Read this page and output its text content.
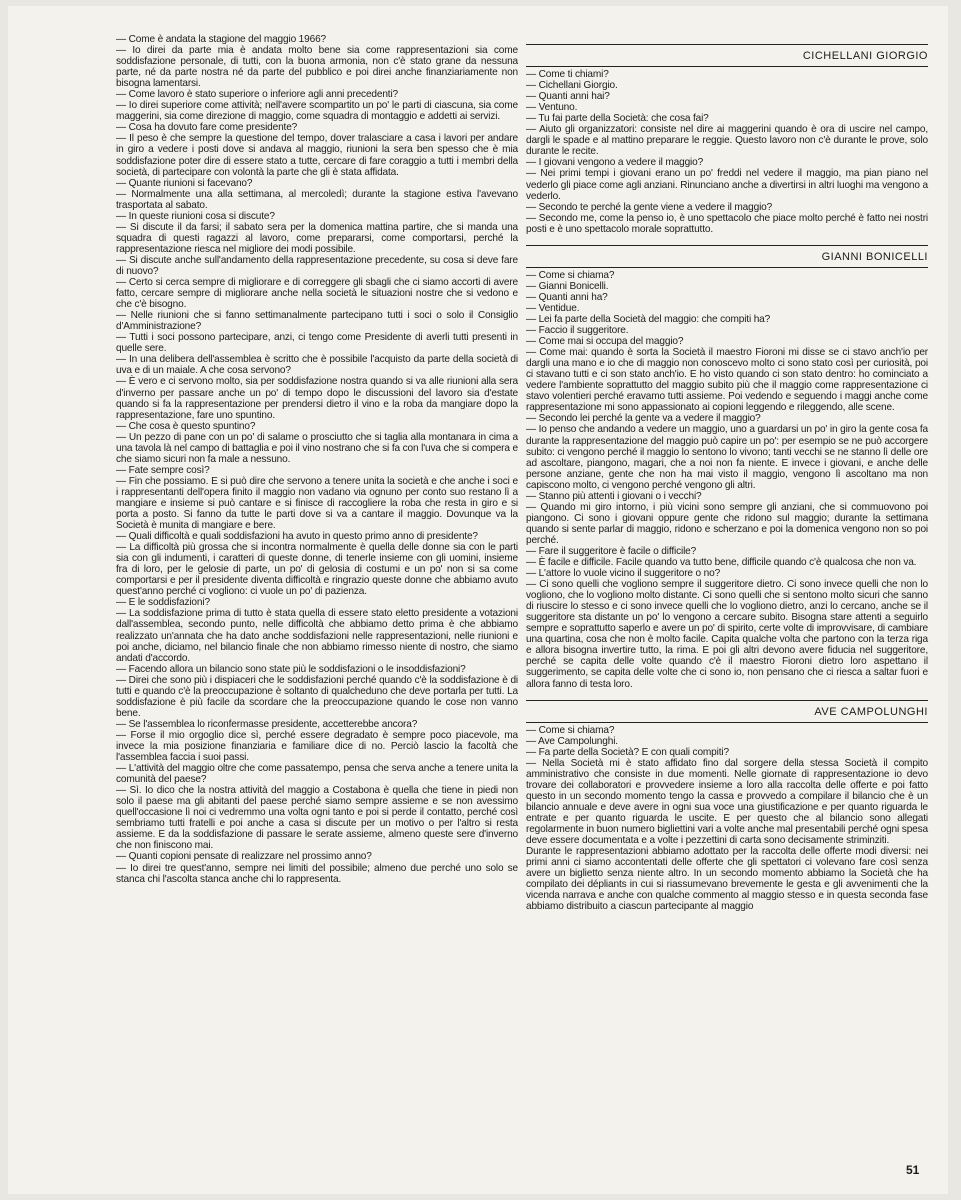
— Come è andata la stagione del maggio 1966?

— Io direi da parte mia è andata molto bene sia come rappresentazioni sia come soddisfazione personale, di tutti, con la buona armonia, non c'è stato grane da nessuna parte, né da parte nostra né da parte del pubblico e poi direi anche finanziariamente non bisogna lamentarsi.

— Come lavoro è stato superiore o inferiore agli anni precedenti?

— Io direi superiore come attività; nell'avere scompartito un po' le parti di ciascuna, sia come maggerini, sia come direzione di maggio, come squadra di montaggio e addetti ai servizi.

— Cosa ha dovuto fare come presidente?

— Il peso è che sempre la questione del tempo, dover tralasciare a casa i lavori per andare in giro a vedere i posti dove si andava al maggio, riunioni la sera ben spesso che è mia soddisfazione poter dire di essere stato a tutte, cercare di fare coraggio a tutti i membri della società, di partecipare con volontà la parte che gli è stata affidata.

— Quante riunioni si facevano?

— Normalmente una alla settimana, al mercoledì; durante la stagione estiva l'avevano trasportata al sabato.

— In queste riunioni cosa si discute?

— Si discute il da farsi; il sabato sera per la domenica mattina partire, che si manda una squadra di questi ragazzi al lavoro, come prepararsi, come comportarsi, perché la rappresentazione riesca nel migliore dei modi possibile.

— Si discute anche sull'andamento della rappresentazione precedente, su cosa si deve fare di nuovo?

— Certo si cerca sempre di migliorare e di correggere gli sbagli che ci siamo accorti di avere fatto, cercare sempre di migliorare anche nella società le situazioni nostre che si vedono e che c'è bisogno.

— Nelle riunioni che si fanno settimanalmente partecipano tutti i soci o solo il Consiglio d'Amministrazione?

— Tutti i soci possono partecipare, anzi, ci tengo come Presidente di averli tutti presenti in quelle sere.

— In una delibera dell'assemblea è scritto che è possibile l'acquisto da parte della società di uva e di un maiale. A che cosa servono?

— È vero e ci servono molto, sia per soddisfazione nostra quando si va alle riunioni alla sera d'inverno per passare anche un po' di tempo dopo le discussioni del lavoro sia d'estate quando si fa la rappresentazione per prendersi dietro il vino e la roba da mangiare dopo la rappresentazione, fare uno spuntino.

— Che cosa è questo spuntino?

— Un pezzo di pane con un po' di salame o prosciutto che si taglia alla montanara in cima a una tavola là nel campo di battaglia e poi il vino nostrano che si fa con l'uva che si compera e che siamo sicuri non fa male a nessuno.

— Fate sempre così?

— Fin che possiamo. E si può dire che servono a tenere unita la società e che anche i soci e i rappresentanti dell'opera finito il maggio non vadano via ognuno per conto suo restano lì a mangiare e insieme si può cantare e si finisce di raccogliere la roba che resta in giro e si porta a posto. Si fanno da tutte le parti dove si va a cantare il maggio. Dovunque va la Società è munita di mangiare e bere.

— Quali difficoltà e quali soddisfazioni ha avuto in questo primo anno di presidente?

— La difficoltà più grossa che si incontra normalmente è quella delle donne sia con le parti sia con gli indumenti, i caratteri di queste donne, di tenerle insieme con gli uomini, insieme fra di loro, per le gelosie di parte, un po' di gelosia di costumi e un po' non si sa come comportarsi e per il presidente diventa difficoltà e ringrazio queste donne che abbiamo avuto quest'anno perché ci vogliono: ci vuole un po' di pazienza.

— E le soddisfazioni?

— La soddisfazione prima di tutto è stata quella di essere stato eletto presidente a votazioni dall'assemblea, secondo punto, nelle difficoltà che abbiamo detto prima è che abbiamo realizzato un'annata che ha dato anche soddisfazioni nelle rappresentazioni, nelle riunioni e poi anche, diciamo, nel bilancio finale che non abbiamo rimesso niente di nostro, che siamo andati d'accordo.

— Facendo allora un bilancio sono state più le soddisfazioni o le insoddisfazioni?

— Direi che sono più i dispiaceri che le soddisfazioni perché quando c'è la soddisfazione è di tutti e quando c'è la preoccupazione è soltanto di qualcheduno che deve portarla per tutti. La soddisfazione è più facile da scordare che la preoccupazione quando le cose non vanno bene.

— Se l'assemblea lo riconfermasse presidente, accetterebbe ancora?

— Forse il mio orgoglio dice sì, perché essere degradato è sempre poco piacevole, ma invece la mia posizione finanziaria e familiare dice di no. Perciò lascio la facoltà che l'assemblea faccia i suoi passi.

— L'attività del maggio oltre che come passatempo, pensa che serva anche a tenere unita la comunità del paese?

— Sì. Io dico che la nostra attività del maggio a Costabona è quella che tiene in piedi non solo il paese ma gli abitanti del paese perché siamo sempre assieme e se non avessimo quell'occasione lì noi ci vedremmo una volta ogni tanto e poi si perde il contatto, perché così sembriamo tutti fratelli e poi anche a casa si discute per un motivo o per l'altro si resta assieme. E da la soddisfazione di passare le serate assieme, almeno queste sere d'inverno che non finiscono mai.

— Quanti copioni pensate di realizzare nel prossimo anno?

— Io direi tre quest'anno, sempre nei limiti del possibile; almeno due perché uno solo se stanca chi l'ascolta stanca anche chi lo rappresenta.

CICHELLANI GIORGIO

— Come ti chiami?

— Cichellani Giorgio.

— Quanti anni hai?

— Ventuno.

— Tu fai parte della Società: che cosa fai?

— Aiuto gli organizzatori: consiste nel dire ai maggerini quando è ora di uscire nel campo, dargli le spade e al mattino preparare le reggie. Questo lavoro non c'è durante le prove, solo durante le recite.

— I giovani vengono a vedere il maggio?

— Nei primi tempi i giovani erano un po' freddi nel vedere il maggio, ma pian piano nel vederlo gli piace come agli anziani. Rinunciano anche a divertirsi in altri luoghi ma vengono a vederlo.

— Secondo te perché la gente viene a vedere il maggio?

— Secondo me, come la penso io, è uno spettacolo che piace molto perché è fatto nei nostri posti e è uno spettacolo morale soprattutto.

GIANNI BONICELLI

— Come si chiama?

— Gianni Bonicelli.

— Quanti anni ha?

— Ventidue.

— Lei fa parte della Società del maggio: che compiti ha?

— Faccio il suggeritore.

— Come mai si occupa del maggio?

— Come mai: quando è sorta la Società il maestro Fioroni mi disse se ci stavo anch'io per dargli una mano e io che di maggio non conoscevo molto ci sono stato così per curiosità, poi ci stavano tutti e ci son stato anch'io. E ho visto quando ci son stato dentro: ho cominciato a vedere l'ambiente soprattutto del maggio subito più che il maggio come rappresentazione ci stavo volentieri perché eravamo tutti assieme. Poi vedendo e seguendo i maggi anche come rappresentazione mi sono appassionato ai copioni leggendo e rileggendo, alle scene.

— Secondo lei perché la gente va a vedere il maggio?

— Io penso che andando a vedere un maggio, uno a guardarsi un po' in giro la gente cosa fa durante la rappresentazione del maggio può capire un po': per esempio se ne può accorgere subito: ci vengono perché il maggio lo sentono lo vivono; tanti vecchi se ne stanno lì delle ore ad ascoltare, piangono, magari, che a noi non fa niente. E invece i giovani, e anche delle persone anziane, gente che non ha mai visto il maggio, vengono lì ascoltano ma non capiscono molto, ci vengono perché vengono gli altri.

— Stanno più attenti i giovani o i vecchi?

— Quando mi giro intorno, i più vicini sono sempre gli anziani, che si commuovono poi piangono. Ci sono i giovani oppure gente che ridono sul maggio; durante la settimana quando si sente parlar di maggio, ridono e scherzano e poi la domenica vengono non so poi perché.

— Fare il suggeritore è facile o difficile?

— È facile e difficile. Facile quando va tutto bene, difficile quando c'è qualcosa che non va.

— L'attore lo vuole vicino il suggeritore o no?

— Ci sono quelli che vogliono sempre il suggeritore dietro. Ci sono invece quelli che non lo vogliono, che lo vogliono molto distante. Ci sono quelli che si sentono molto sicuri che sanno di riuscire lo stesso e ci sono invece quelli che lo vogliono dietro, anzi lo cercano, anche se il suggeritore sta distante un po' lo vengono a cercare subito. Bisogna stare attenti a seguirlo sempre e soprattutto saperlo e avere un po' di spirito, certe volte di improvvisare, di cambiare una quartina, cosa che non è molto facile. Capita qualche volta che partono con la terza riga e allora bisogna invertire tutto, la rima. E poi gli altri devono avere fiducia nel suggeritore, perché se capita delle volte quando c'è il maestro Fioroni dietro loro aspettano il suggerimento, se capita delle volte che ci sono io, non pensano che ci riesca a saltar fuori e allora fanno di testa loro.

AVE CAMPOLUNGHI

— Come si chiama?

— Ave Campolunghi.

— Fa parte della Società? E con quali compiti?

— Nella Società mi è stato affidato fino dal sorgere della stessa Società il compito amministrativo che consiste in due momenti. Nelle giornate di rappresentazione io devo trovare dei collaboratori e provvedere insieme a loro alla raccolta delle offerte e poi fatto questo in un secondo momento tengo la cassa e provvedo a compilare il bilancio che è un bilancio annuale e deve avere in ogni sua voce una giustificazione e per quanto riguarda le entrate e per quanto riguarda le uscite. E per questo che al bilancio sono allegati regolarmente in buon numero bigliettini vari a volte anche mal presentabili perché ogni spesa deve essere documentata e a volte i pezzettini di carta sono decisamente striminziti.

Durante le rappresentazioni abbiamo adottato per la raccolta delle offerte modi diversi: nei primi anni ci siamo accontentati delle offerte che gli spettatori ci volevano fare così senza avere un biglietto senza niente altro. In un secondo momento abbiamo la Società che ha compilato dei dépliants in cui si riassumevano brevemente le gesta e gli avvenimenti che la vicenda narrava e anche con qualche commento al maggio stesso e in questa seconda fase abbiamo distribuito a ciascun partecipante al maggio

51
